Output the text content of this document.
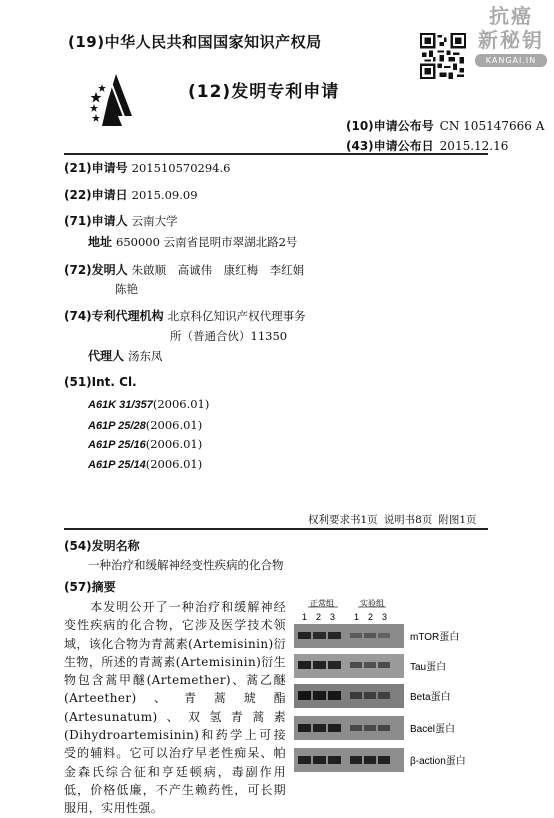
(19)中华人民共和国国家知识产权局
(12)发明专利申请
抗癌
新秘钥
KANGAI.IN
(10)申请公布号 CN 105147666 A
(43)申请公布日 2015.12.16
(21)申请号 201510570294.6
(22)申请日 2015.09.09
(71)申请人 云南大学
地址 650000 云南省昆明市翠湖北路2号
(72)发明人 朱啟顺　高诚伟　康红梅　李红娟
陈艳
(74)专利代理机构 北京科亿知识产权代理事务
所（普通合伙）11350
代理人 汤东凤
(51)Int. Cl.
A61K 31/357(2006.01)
A61P 25/28(2006.01)
A61P 25/16(2006.01)
A61P 25/14(2006.01)
权利要求书1页 说明书8页 附图1页
(54)发明名称
一种治疗和缓解神经变性疾病的化合物
(57)摘要
　　本发明公开了一种治疗和缓解神经变性疾病的化合物，它涉及医学技术领域，该化合物为青蒿素(Artemisinin)衍生物，所述的青蒿素(Artemisinin)衍生物包含蒿甲醚(Artemether)、蒿乙醚(Arteether)、青蒿琥酯(Artesunatum)、双氢青蒿素(Dihydroartemisinin)和药学上可接受的辅料。它可以治疗早老性痴呆、帕金森氏综合征和亨廷顿病，毒副作用低，价格低廉，不产生赖药性，可长期服用，实用性强。
正常组	实验组
1 2 3 1 2 3
mTOR蛋白
Tau蛋白
Beta蛋白
Bacel蛋白
β-action蛋白
